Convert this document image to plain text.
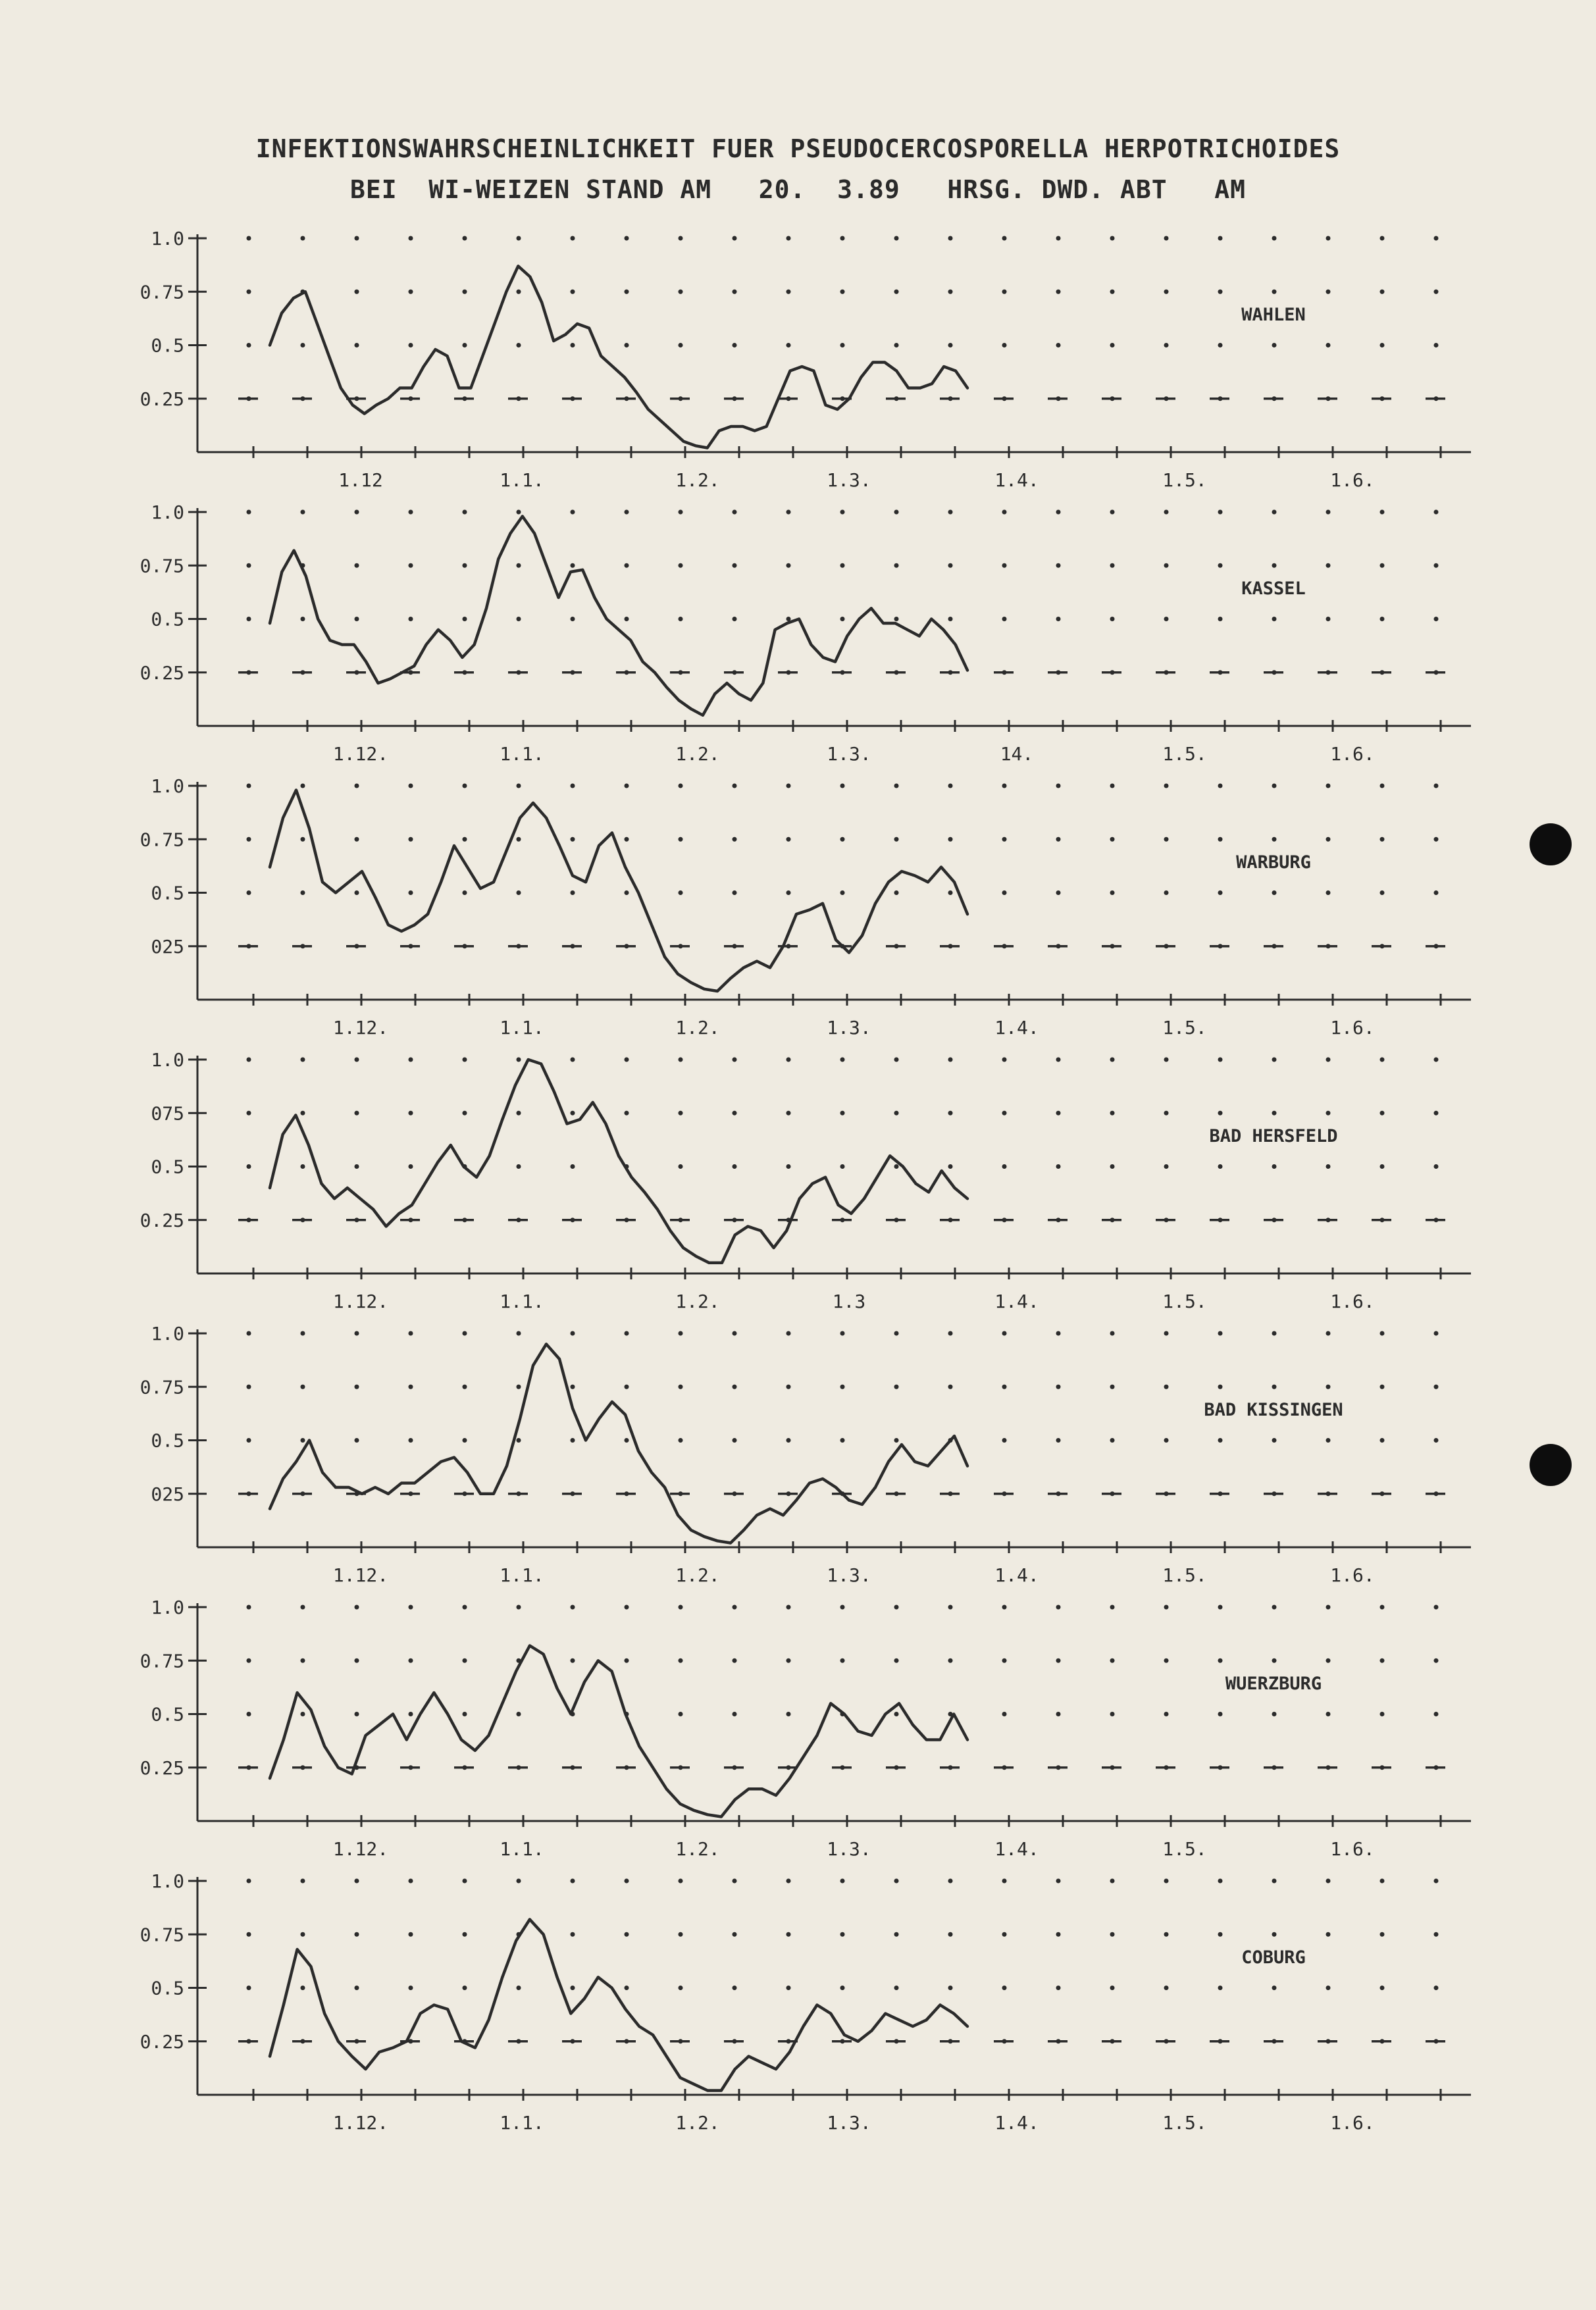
INFEKTIONSWAHRSCHEINLICHKEIT FUER PSEUDOCERCOSPORELLA HERPOTRICHOIDES
BEI  WI-WEIZEN STAND AM   20.  3.89   HRSG. DWD. ABT   AM
1.0
0.75
0.5
0.25
1.12	1.1.	1.2.	1.3.	1.4.	1.5.	1.6.
WAHLEN
1.0
0.75
0.5
0.25
1.12.	1.1.	1.2.	1.3.	14.	1.5.	1.6.
KASSEL
1.0
0.75
0.5
025
1.12.	1.1.	1.2.	1.3.	1.4.	1.5.	1.6.
WARBURG
1.0
075
0.5
0.25
1.12.	1.1.	1.2.	1.3	1.4.	1.5.	1.6.
BAD HERSFELD
1.0
0.75
0.5
025
1.12.	1.1.	1.2.	1.3.	1.4.	1.5.	1.6.
BAD KISSINGEN
1.0
0.75
0.5
0.25
1.12.	1.1.	1.2.	1.3.	1.4.	1.5.	1.6.
WUERZBURG
1.0
0.75
0.5
0.25
1.12.	1.1.	1.2.	1.3.	1.4.	1.5.	1.6.
COBURG
